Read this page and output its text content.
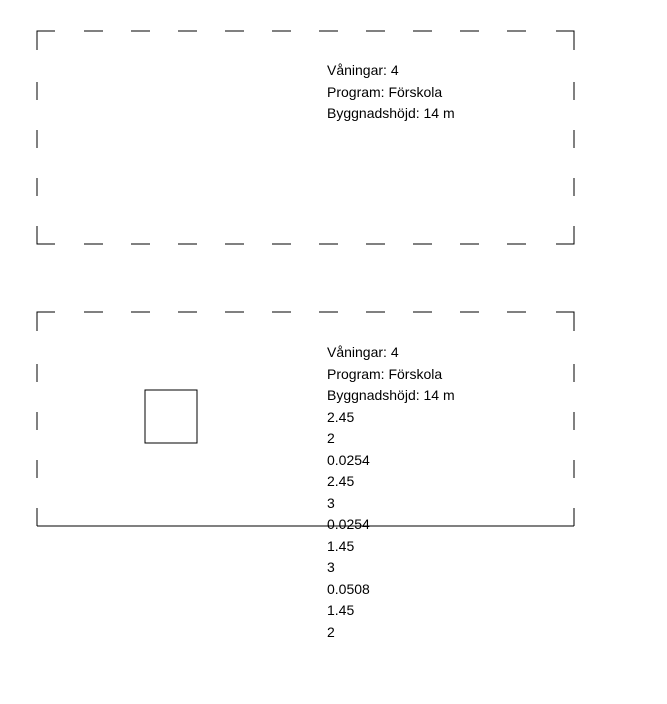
Våningar: 4
Program: Förskola
Byggnadshöjd: 14 m
Våningar: 4
Program: Förskola
Byggnadshöjd: 14 m
2.45
2
0.0254
2.45
3
0.0254
1.45
3
0.0508
1.45
2
